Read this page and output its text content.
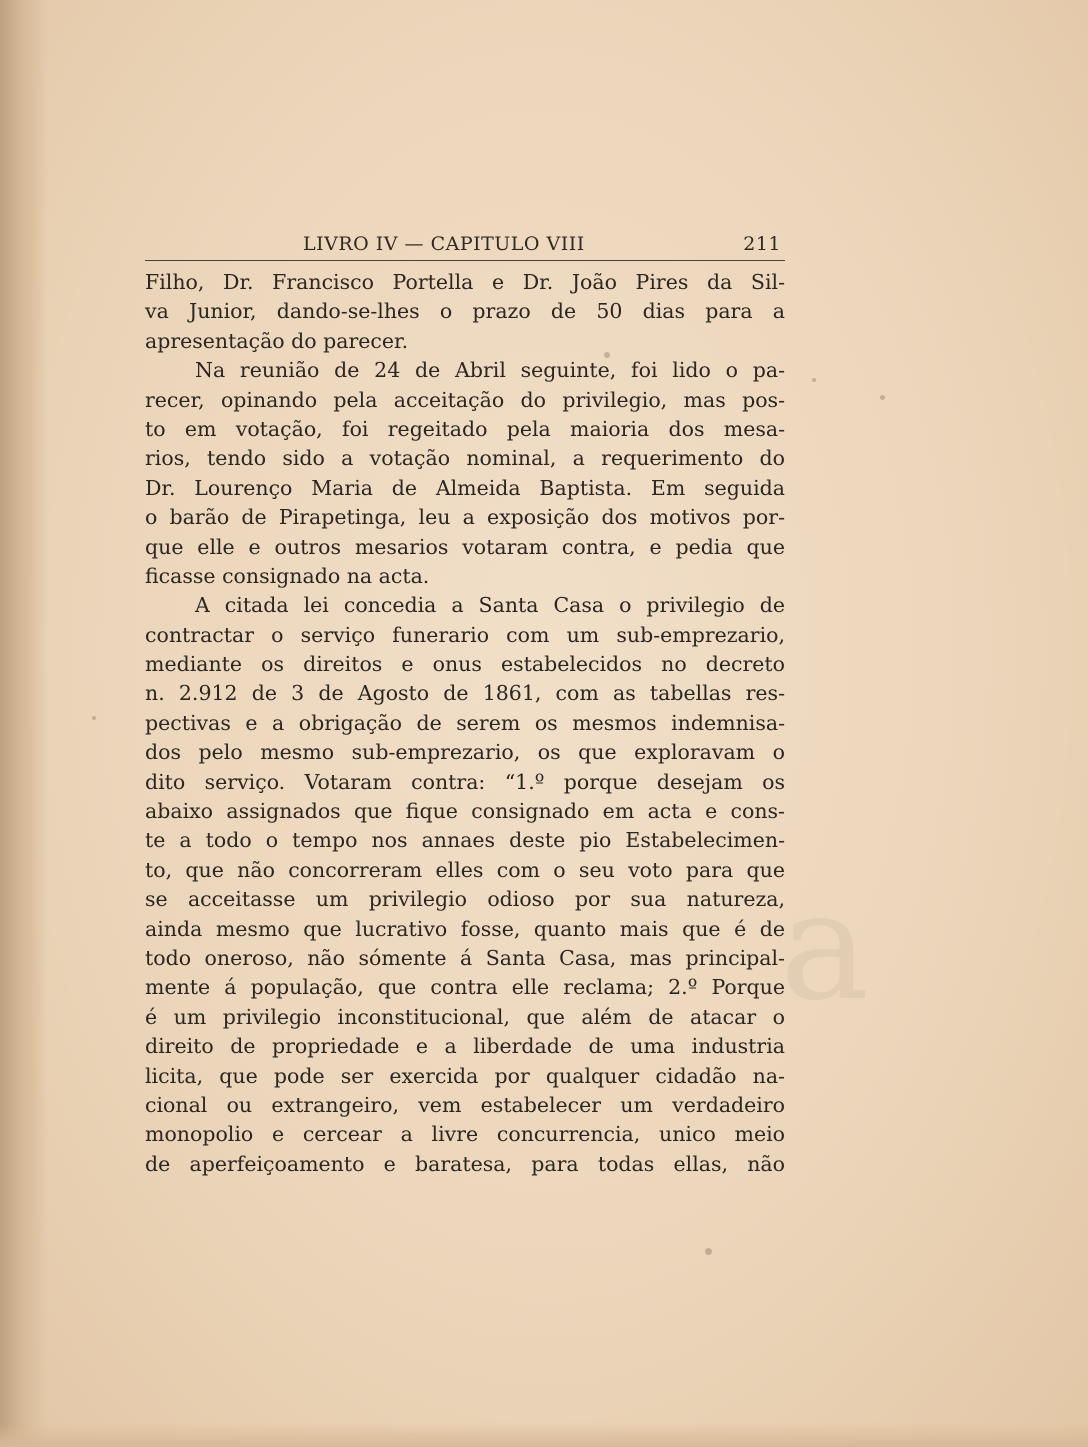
LIVRO IV — CAPITULO VIII	211
Filho, Dr. Francisco Portella e Dr. João Pires da Sil-
va Junior, dando-se-lhes o prazo de 50 dias para a
apresentação do parecer.
Na reunião de 24 de Abril seguinte, foi lido o pa-
recer, opinando pela acceitação do privilegio, mas pos-
to em votação, foi regeitado pela maioria dos mesa-
rios, tendo sido a votação nominal, a requerimento do
Dr. Lourenço Maria de Almeida Baptista. Em seguida
o barão de Pirapetinga, leu a exposição dos motivos por-
que elle e outros mesarios votaram contra, e pedia que
ficasse consignado na acta.
A citada lei concedia a Santa Casa o privilegio de
contractar o serviço funerario com um sub-emprezario,
mediante os direitos e onus estabelecidos no decreto
n. 2.912 de 3 de Agosto de 1861, com as tabellas res-
pectivas e a obrigação de serem os mesmos indemnisa-
dos pelo mesmo sub-emprezario, os que exploravam o
dito serviço. Votaram contra: “1.º porque desejam os
abaixo assignados que fique consignado em acta e cons-
te a todo o tempo nos annaes deste pio Estabelecimen-
to, que não concorreram elles com o seu voto para que
se acceitasse um privilegio odioso por sua natureza,
ainda mesmo que lucrativo fosse, quanto mais que é de
todo oneroso, não sómente á Santa Casa, mas principal-
mente á população, que contra elle reclama; 2.º Porque
é um privilegio inconstitucional, que além de atacar o
direito de propriedade e a liberdade de uma industria
licita, que pode ser exercida por qualquer cidadão na-
cional ou extrangeiro, vem estabelecer um verdadeiro
monopolio e cercear a livre concurrencia, unico meio
de aperfeiçoamento e baratesa, para todas ellas, não
a
